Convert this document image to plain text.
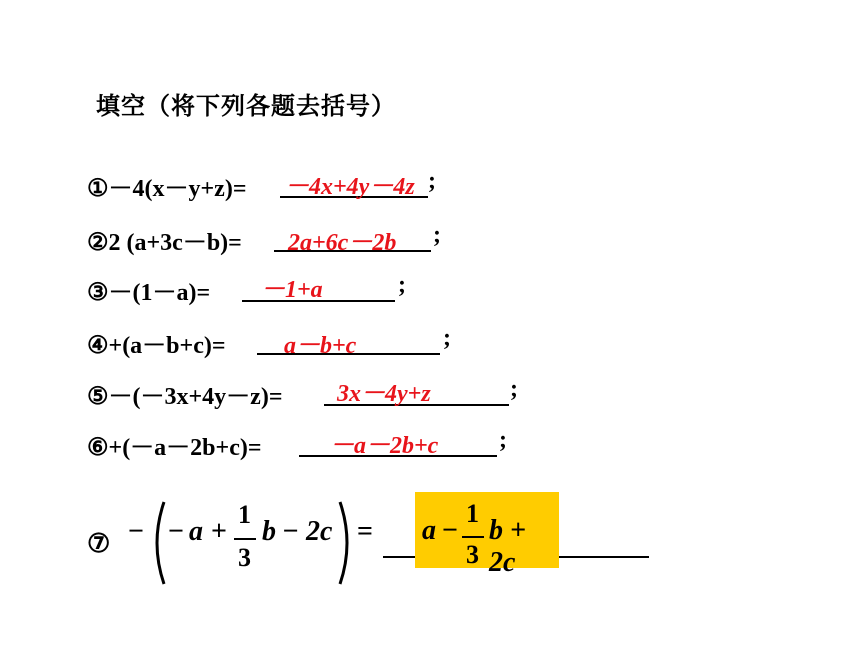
填空（将下列各题去括号）
①－4(x－y+z)=	;
－4x+4y－4z
②2 (a+3c－b)=	;
2a+6c－2b
③－(1－a)=	;
－1+a
④+(a－b+c)=	;
a－b+c
⑤－(－3x+4y－z)=	;
3x－4y+z
⑥+(－a－2b+c)=	;
－a－2b+c
⑦ − − a +
1
3
b − 2c = a −
1
3
b + 2c
